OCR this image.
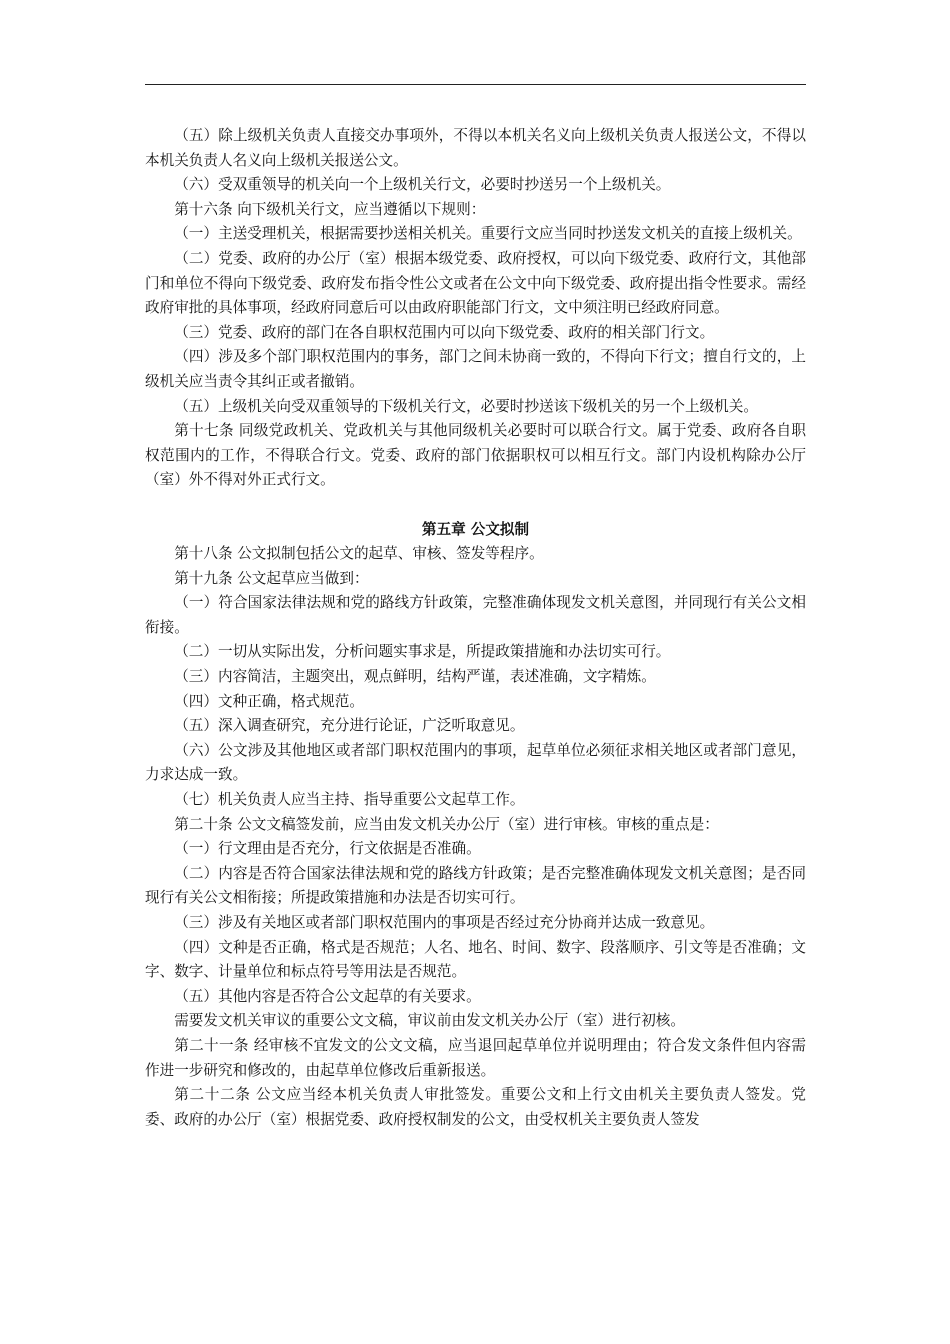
（五）除上级机关负责人直接交办事项外，不得以本机关名义向上级机关负责人报送公文，不得以本机关负责人名义向上级机关报送公文。

（六）受双重领导的机关向一个上级机关行文，必要时抄送另一个上级机关。

第十六条 向下级机关行文，应当遵循以下规则：

（一）主送受理机关，根据需要抄送相关机关。重要行文应当同时抄送发文机关的直接上级机关。

（二）党委、政府的办公厅（室）根据本级党委、政府授权，可以向下级党委、政府行文，其他部门和单位不得向下级党委、政府发布指令性公文或者在公文中向下级党委、政府提出指令性要求。需经政府审批的具体事项，经政府同意后可以由政府职能部门行文，文中须注明已经政府同意。

（三）党委、政府的部门在各自职权范围内可以向下级党委、政府的相关部门行文。

（四）涉及多个部门职权范围内的事务，部门之间未协商一致的，不得向下行文；擅自行文的，上级机关应当责令其纠正或者撤销。

（五）上级机关向受双重领导的下级机关行文，必要时抄送该下级机关的另一个上级机关。

第十七条 同级党政机关、党政机关与其他同级机关必要时可以联合行文。属于党委、政府各自职权范围内的工作，不得联合行文。党委、政府的部门依据职权可以相互行文。部门内设机构除办公厅（室）外不得对外正式行文。

第五章 公文拟制

第十八条 公文拟制包括公文的起草、审核、签发等程序。

第十九条 公文起草应当做到：

（一）符合国家法律法规和党的路线方针政策，完整准确体现发文机关意图，并同现行有关公文相衔接。

（二）一切从实际出发，分析问题实事求是，所提政策措施和办法切实可行。

（三）内容简洁，主题突出，观点鲜明，结构严谨，表述准确，文字精炼。

（四）文种正确，格式规范。

（五）深入调查研究，充分进行论证，广泛听取意见。

（六）公文涉及其他地区或者部门职权范围内的事项，起草单位必须征求相关地区或者部门意见，力求达成一致。

（七）机关负责人应当主持、指导重要公文起草工作。

第二十条 公文文稿签发前，应当由发文机关办公厅（室）进行审核。审核的重点是：

（一）行文理由是否充分，行文依据是否准确。

（二）内容是否符合国家法律法规和党的路线方针政策；是否完整准确体现发文机关意图；是否同现行有关公文相衔接；所提政策措施和办法是否切实可行。

（三）涉及有关地区或者部门职权范围内的事项是否经过充分协商并达成一致意见。

（四）文种是否正确，格式是否规范；人名、地名、时间、数字、段落顺序、引文等是否准确；文字、数字、计量单位和标点符号等用法是否规范。

（五）其他内容是否符合公文起草的有关要求。

需要发文机关审议的重要公文文稿，审议前由发文机关办公厅（室）进行初核。

第二十一条 经审核不宜发文的公文文稿，应当退回起草单位并说明理由；符合发文条件但内容需作进一步研究和修改的，由起草单位修改后重新报送。

第二十二条 公文应当经本机关负责人审批签发。重要公文和上行文由机关主要负责人签发。党委、政府的办公厅（室）根据党委、政府授权制发的公文，由受权机关主要负责人签发
